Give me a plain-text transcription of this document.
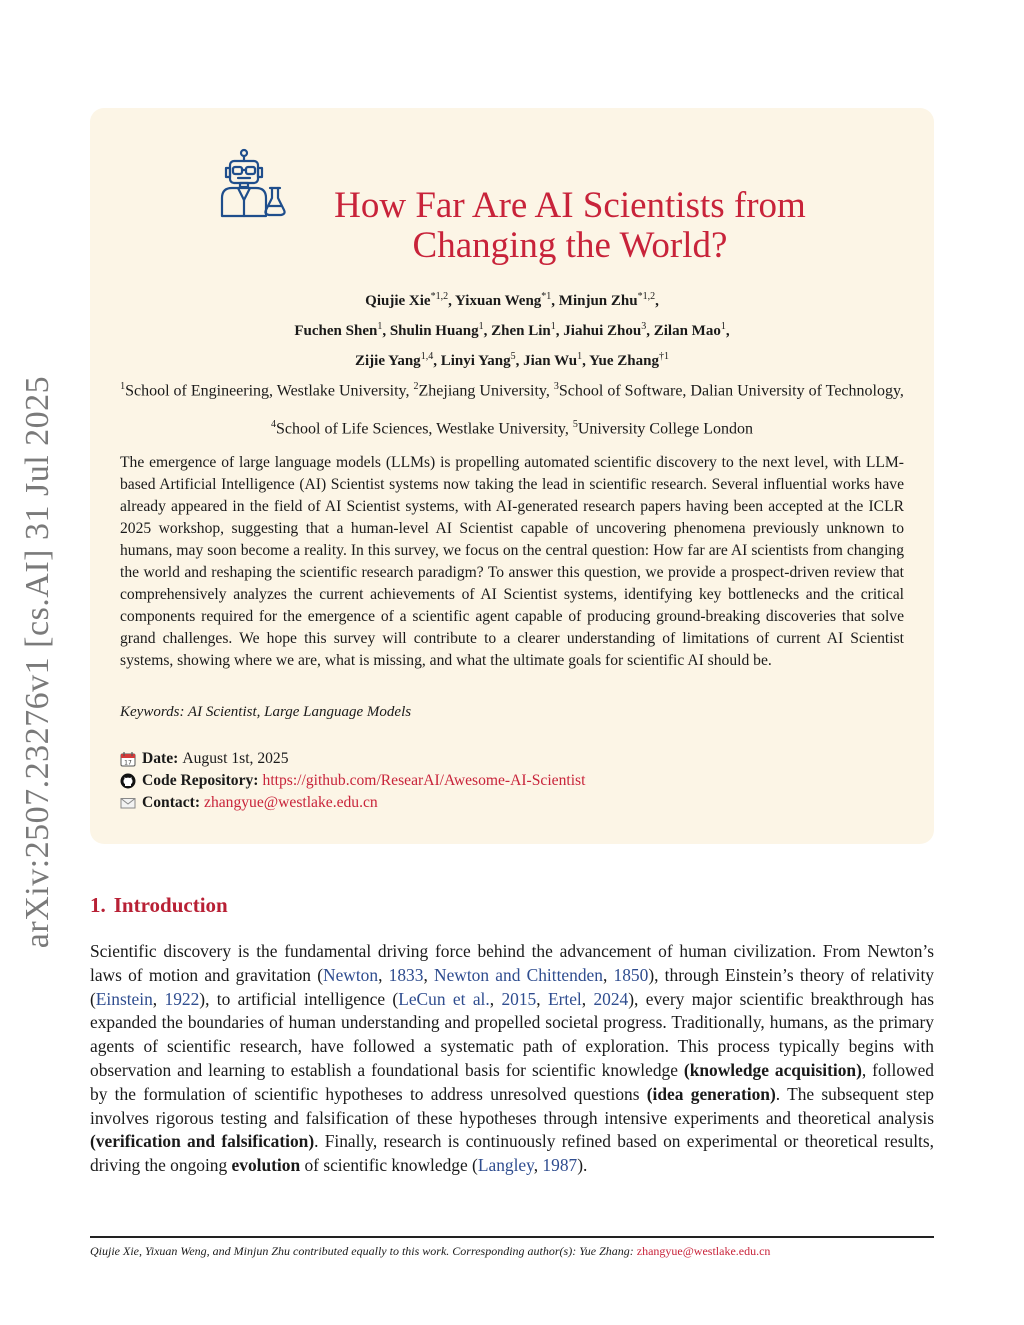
arXiv:2507.23276v1 [cs.AI] 31 Jul 2025
How Far Are AI Scientists from
Changing the World?
Qiujie Xie$^{*1,2}$, Yixuan Weng$^{*1}$, Minjun Zhu$^{*1,2}$,
Fuchen Shen$^1$, Shulin Huang$^1$, Zhen Lin$^1$, Jiahui Zhou$^3$, Zilan Mao$^1$,
Zijie Yang$^{1,4}$, Linyi Yang$^5$, Jian Wu$^1$, Yue Zhang$^{\dagger 1}$
$^1$School of Engineering, Westlake University, $^2$Zhejiang University, $^3$School of Software, Dalian University of Technology, $^4$School of Life Sciences, Westlake University, $^5$University College London
The emergence of large language models (LLMs) is propelling automated scientific discovery to the next level, with LLM-based Artificial Intelligence (AI) Scientist systems now taking the lead in scientific research. Several influential works have already appeared in the field of AI Scientist systems, with AI-generated research papers having been accepted at the ICLR 2025 workshop, suggesting that a human-level AI Scientist capable of uncovering phenomena previously unknown to humans, may soon become a reality. In this survey, we focus on the central question: How far are AI scientists from changing the world and reshaping the scientific research paradigm? To answer this question, we provide a prospect-driven review that comprehensively analyzes the current achievements of AI Scientist systems, identifying key bottlenecks and the critical components required for the emergence of a scientific agent capable of producing ground-breaking discoveries that solve grand challenges. We hope this survey will contribute to a clearer understanding of limitations of current AI Scientist systems, showing where we are, what is missing, and what the ultimate goals for scientific AI should be.
Keywords: AI Scientist, Large Language Models
17 Date: August 1st, 2025
Code Repository: https://github.com/ResearAI/Awesome-AI-Scientist
Contact: zhangyue@westlake.edu.cn
1. Introduction
Scientific discovery is the fundamental driving force behind the advancement of human civilization. From Newton’s laws of motion and gravitation (Newton, 1833, Newton and Chittenden, 1850), through Einstein’s theory of relativity (Einstein, 1922), to artificial intelligence (LeCun et al., 2015, Ertel, 2024), every major scientific breakthrough has expanded the boundaries of human understanding and propelled societal progress. Traditionally, humans, as the primary agents of scientific research, have followed a systematic path of exploration. This process typically begins with observation and learning to establish a foundational basis for scientific knowledge (knowledge acquisition), followed by the formulation of scientific hypotheses to address unresolved questions (idea generation). The subsequent step involves rigorous testing and falsification of these hypotheses through intensive experiments and theoretical analysis (verification and falsification). Finally, research is continuously refined based on experimental or theoretical results, driving the ongoing evolution of scientific knowledge (Langley, 1987).
Qiujie Xie, Yixuan Weng, and Minjun Zhu contributed equally to this work. Corresponding author(s): Yue Zhang: zhangyue@westlake.edu.cn
